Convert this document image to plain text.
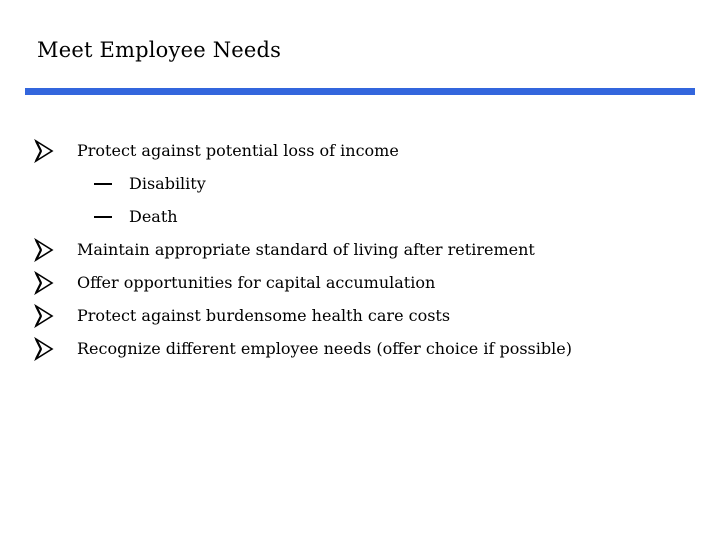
Meet Employee Needs
Protect against potential loss of income
Disability
Death
Maintain appropriate standard of living after retirement
Offer opportunities for capital accumulation
Protect against burdensome health care costs
Recognize different employee needs (offer choice if possible)
